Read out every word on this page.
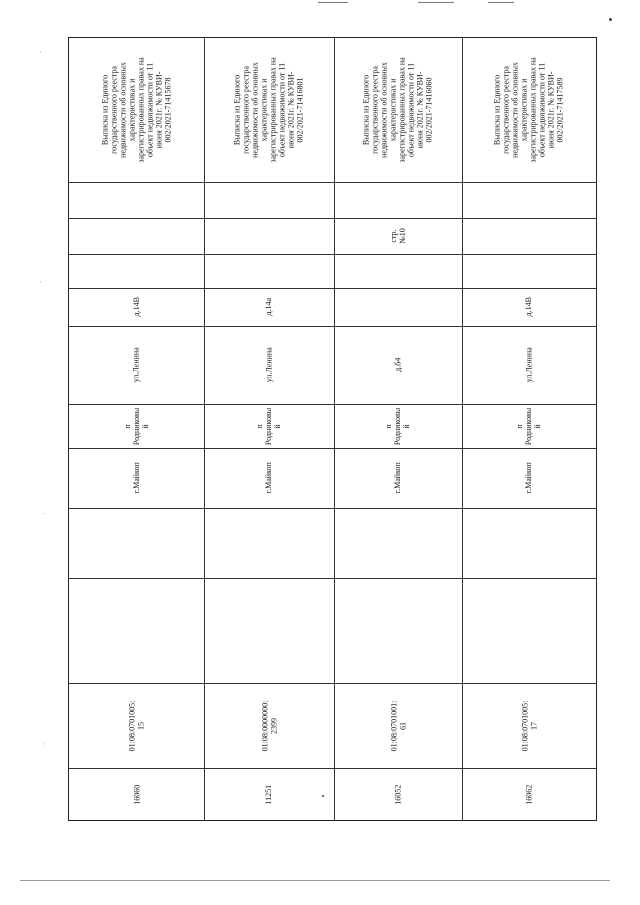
Выписка из Единого
государственного реестра
недвижимости об основных
характеристиках и
зарегистрированных правах на
объект недвижимости от 11
июня 2021г. № КУВИ-
002/2021-71415678
д.14В
ул.Ленина
п
Родниковы
й
г.Майкоп
01:08:0701005:
15
16060
Выписка из Единого
государственного реестра
недвижимости об основных
характеристиках и
зарегистрированных правах на
объект недвижимости от 11
июня 2021г. № КУВИ-
002/2021-71416801
д.14а
ул.Ленина
п
Родниковы
й
г.Майкоп
01:08:0000000:
2399
11251
Выписка из Единого
государственного реестра
недвижимости об основных
характеристиках и
зарегистрированных правах на
объект недвижимости от 11
июня 2021г. № КУВИ-
002/2021-71416060
стр.
№10
д.б4
п
Родниковы
й
г.Майкоп
01:08:0701001:
61
16052
Выписка из Единого
государственного реестра
недвижимости об основных
характеристиках и
зарегистрированных правах на
объект недвижимости от 11
июня 2021г. № КУВИ-
002/2021-71417589
д.14В
ул.Ленина
п
Родниковы
й
г.Майкоп
01:08:0701005:
17
16062
·
·
·
·
